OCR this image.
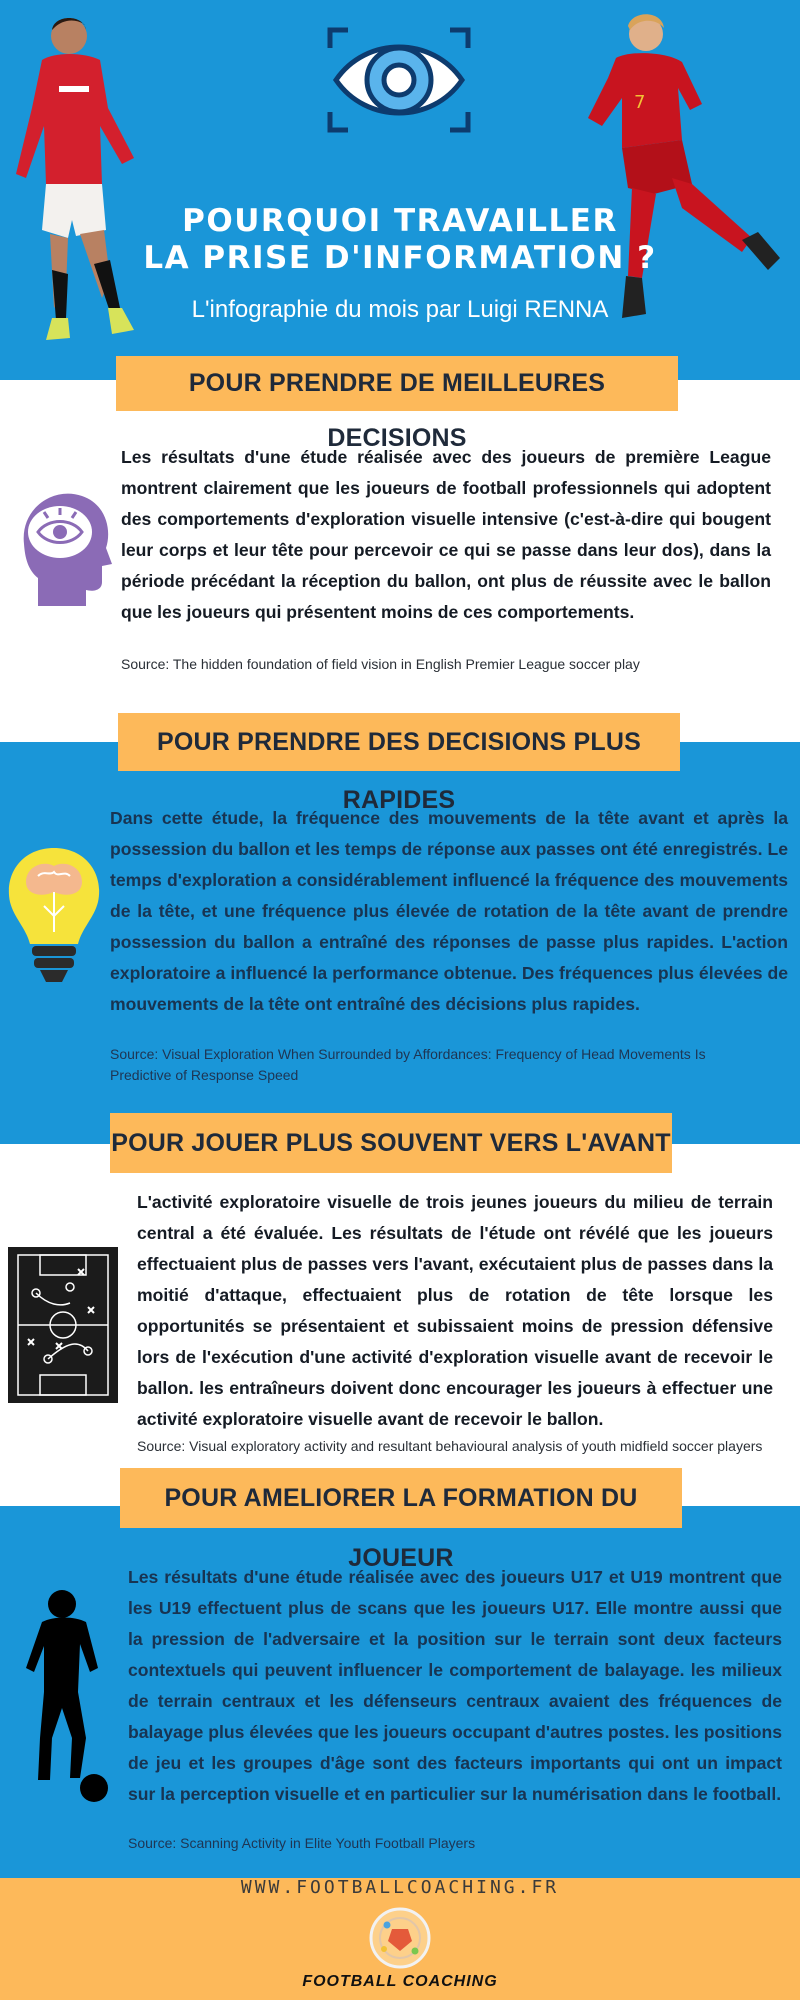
7
POURQUOI TRAVAILLER
LA PRISE D'INFORMATION ?
L'infographie du mois par Luigi RENNA
POUR PRENDRE DE MEILLEURES DECISIONS
Les résultats d'une étude réalisée avec des joueurs de première League montrent clairement que les joueurs de football professionnels qui adoptent des comportements d'exploration visuelle intensive (c'est-à-dire qui bougent leur corps et leur tête pour percevoir ce qui se passe dans leur dos), dans la période précédant la réception du ballon, ont plus de réussite avec le ballon que les joueurs qui présentent moins de ces comportements.
Source: The hidden foundation of field vision in English Premier League soccer play
POUR PRENDRE DES DECISIONS PLUS RAPIDES
Dans cette étude, la fréquence des mouvements de la tête avant et après la possession du ballon et les temps de réponse aux passes ont été enregistrés. Le temps d'exploration a considérablement influencé la fréquence des mouvements de la tête, et une fréquence plus élevée de rotation de la tête avant de prendre possession du ballon a entraîné des réponses de passe plus rapides. L'action exploratoire a influencé la performance obtenue. Des fréquences plus élevées de mouvements de la tête ont entraîné des décisions plus rapides.
Source: Visual Exploration When Surrounded by Affordances: Frequency of Head Movements Is Predictive of Response Speed
POUR JOUER PLUS SOUVENT VERS L'AVANT
L'activité exploratoire visuelle de trois jeunes joueurs du milieu de terrain central a été évaluée. Les résultats de l'étude ont révélé que les joueurs effectuaient plus de passes vers l'avant, exécutaient plus de passes dans la moitié d'attaque, effectuaient plus de rotation de tête lorsque les opportunités se présentaient et subissaient moins de pression défensive lors de l'exécution d'une activité d'exploration visuelle avant de recevoir le ballon. les entraîneurs doivent donc encourager les joueurs à effectuer une activité exploratoire visuelle avant de recevoir le ballon.
Source: Visual exploratory activity and resultant behavioural analysis of youth midfield soccer players
POUR AMELIORER LA FORMATION DU JOUEUR
Les résultats d'une étude réalisée avec des joueurs U17 et U19 montrent que les U19 effectuent plus de scans que les joueurs U17. Elle montre aussi que la pression de l'adversaire et la position sur le terrain sont deux facteurs contextuels qui peuvent influencer le comportement de balayage. les milieux de terrain centraux et les défenseurs centraux avaient des fréquences de balayage plus élevées que les joueurs occupant d'autres postes. les positions de jeu et les groupes d'âge sont des facteurs importants qui ont un impact sur la perception visuelle et en particulier sur la numérisation dans le football.
Source: Scanning Activity in Elite Youth Football Players
WWW.FOOTBALLCOACHING.FR
FOOTBALL COACHING
